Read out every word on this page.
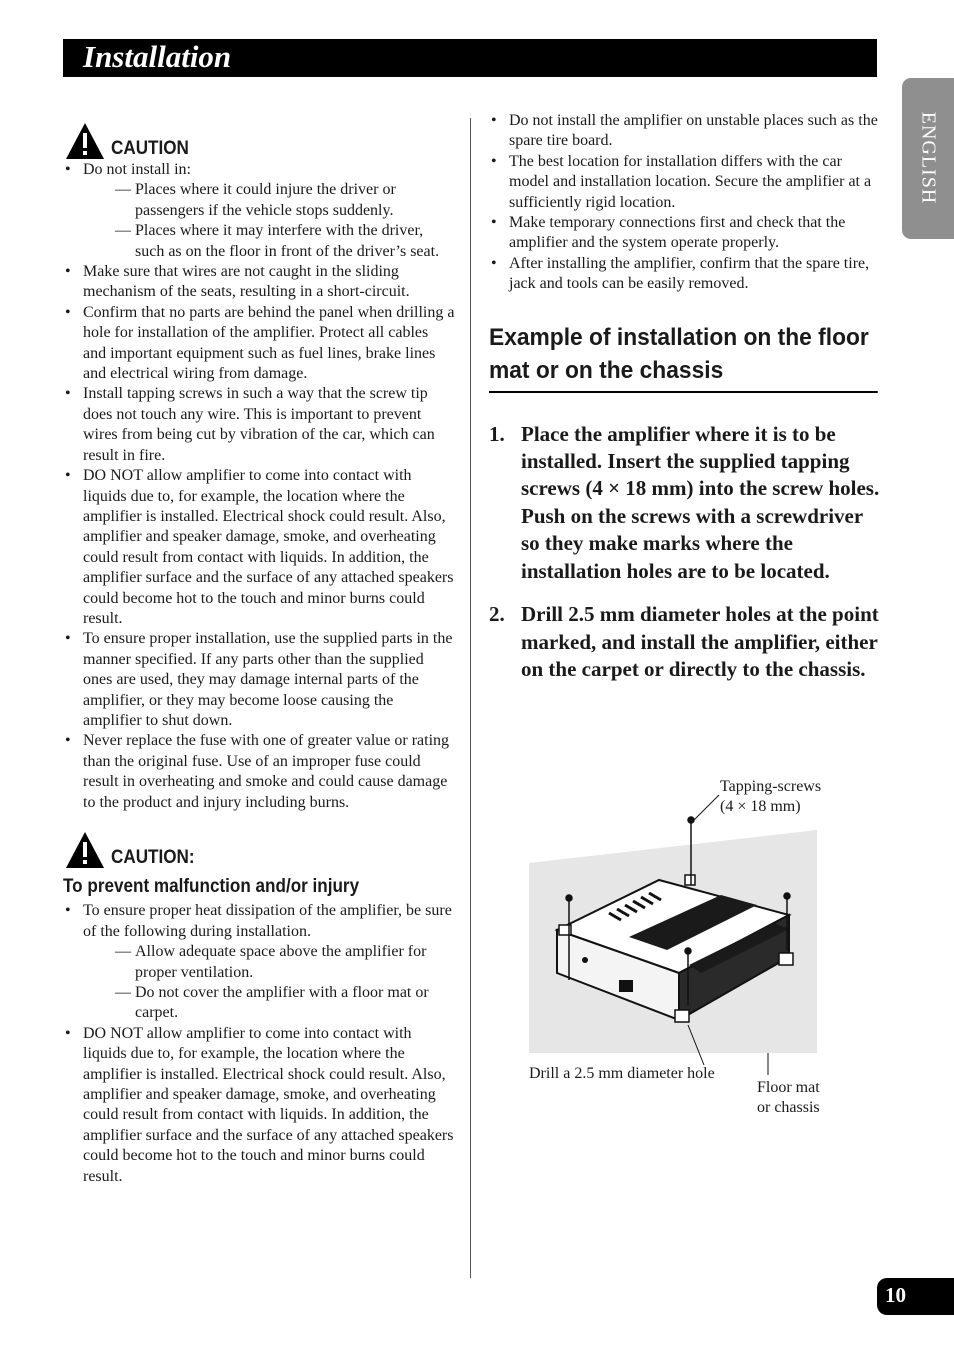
Installation
ENGLISH
CAUTION
• Do not install in:
— Places where it could injure the driver or passengers if the vehicle stops suddenly.
— Places where it may interfere with the driver, such as on the floor in front of the driver’s seat.
• Make sure that wires are not caught in the sliding mechanism of the seats, resulting in a short-circuit.
• Confirm that no parts are behind the panel when drilling a hole for installation of the amplifier. Protect all cables and important equipment such as fuel lines, brake lines and electrical wiring from damage.
• Install tapping screws in such a way that the screw tip does not touch any wire. This is important to prevent wires from being cut by vibration of the car, which can result in fire.
• DO NOT allow amplifier to come into contact with liquids due to, for example, the location where the amplifier is installed. Electrical shock could result. Also, amplifier and speaker damage, smoke, and overheating could result from contact with liquids. In addition, the amplifier surface and the surface of any attached speakers could become hot to the touch and minor burns could result.
• To ensure proper installation, use the supplied parts in the manner specified. If any parts other than the supplied ones are used, they may damage internal parts of the amplifier, or they may become loose causing the amplifier to shut down.
• Never replace the fuse with one of greater value or rating than the original fuse. Use of an improper fuse could result in overheating and smoke and could cause damage to the product and injury including burns.
CAUTION:
To prevent malfunction and/or injury
• To ensure proper heat dissipation of the amplifier, be sure of the following during installation.
— Allow adequate space above the amplifier for proper ventilation.
— Do not cover the amplifier with a floor mat or carpet.
• DO NOT allow amplifier to come into contact with liquids due to, for example, the location where the amplifier is installed. Electrical shock could result. Also, amplifier and speaker damage, smoke, and overheating could result from contact with liquids. In addition, the amplifier surface and the surface of any attached speakers could become hot to the touch and minor burns could result.
• Do not install the amplifier on unstable places such as the spare tire board.
• The best location for installation differs with the car model and installation location. Secure the amplifier at a sufficiently rigid location.
• Make temporary connections first and check that the amplifier and the system operate properly.
• After installing the amplifier, confirm that the spare tire, jack and tools can be easily removed.
Example of installation on the floor mat or on the chassis
1. Place the amplifier where it is to be installed. Insert the supplied tapping screws (4 × 18 mm) into the screw holes. Push on the screws with a screwdriver so they make marks where the installation holes are to be located.
2. Drill 2.5 mm diameter holes at the point marked, and install the amplifier, either on the carpet or directly to the chassis.
Tapping-screws
(4 × 18 mm)
Drill a 2.5 mm diameter hole
Floor mat
or chassis
10
